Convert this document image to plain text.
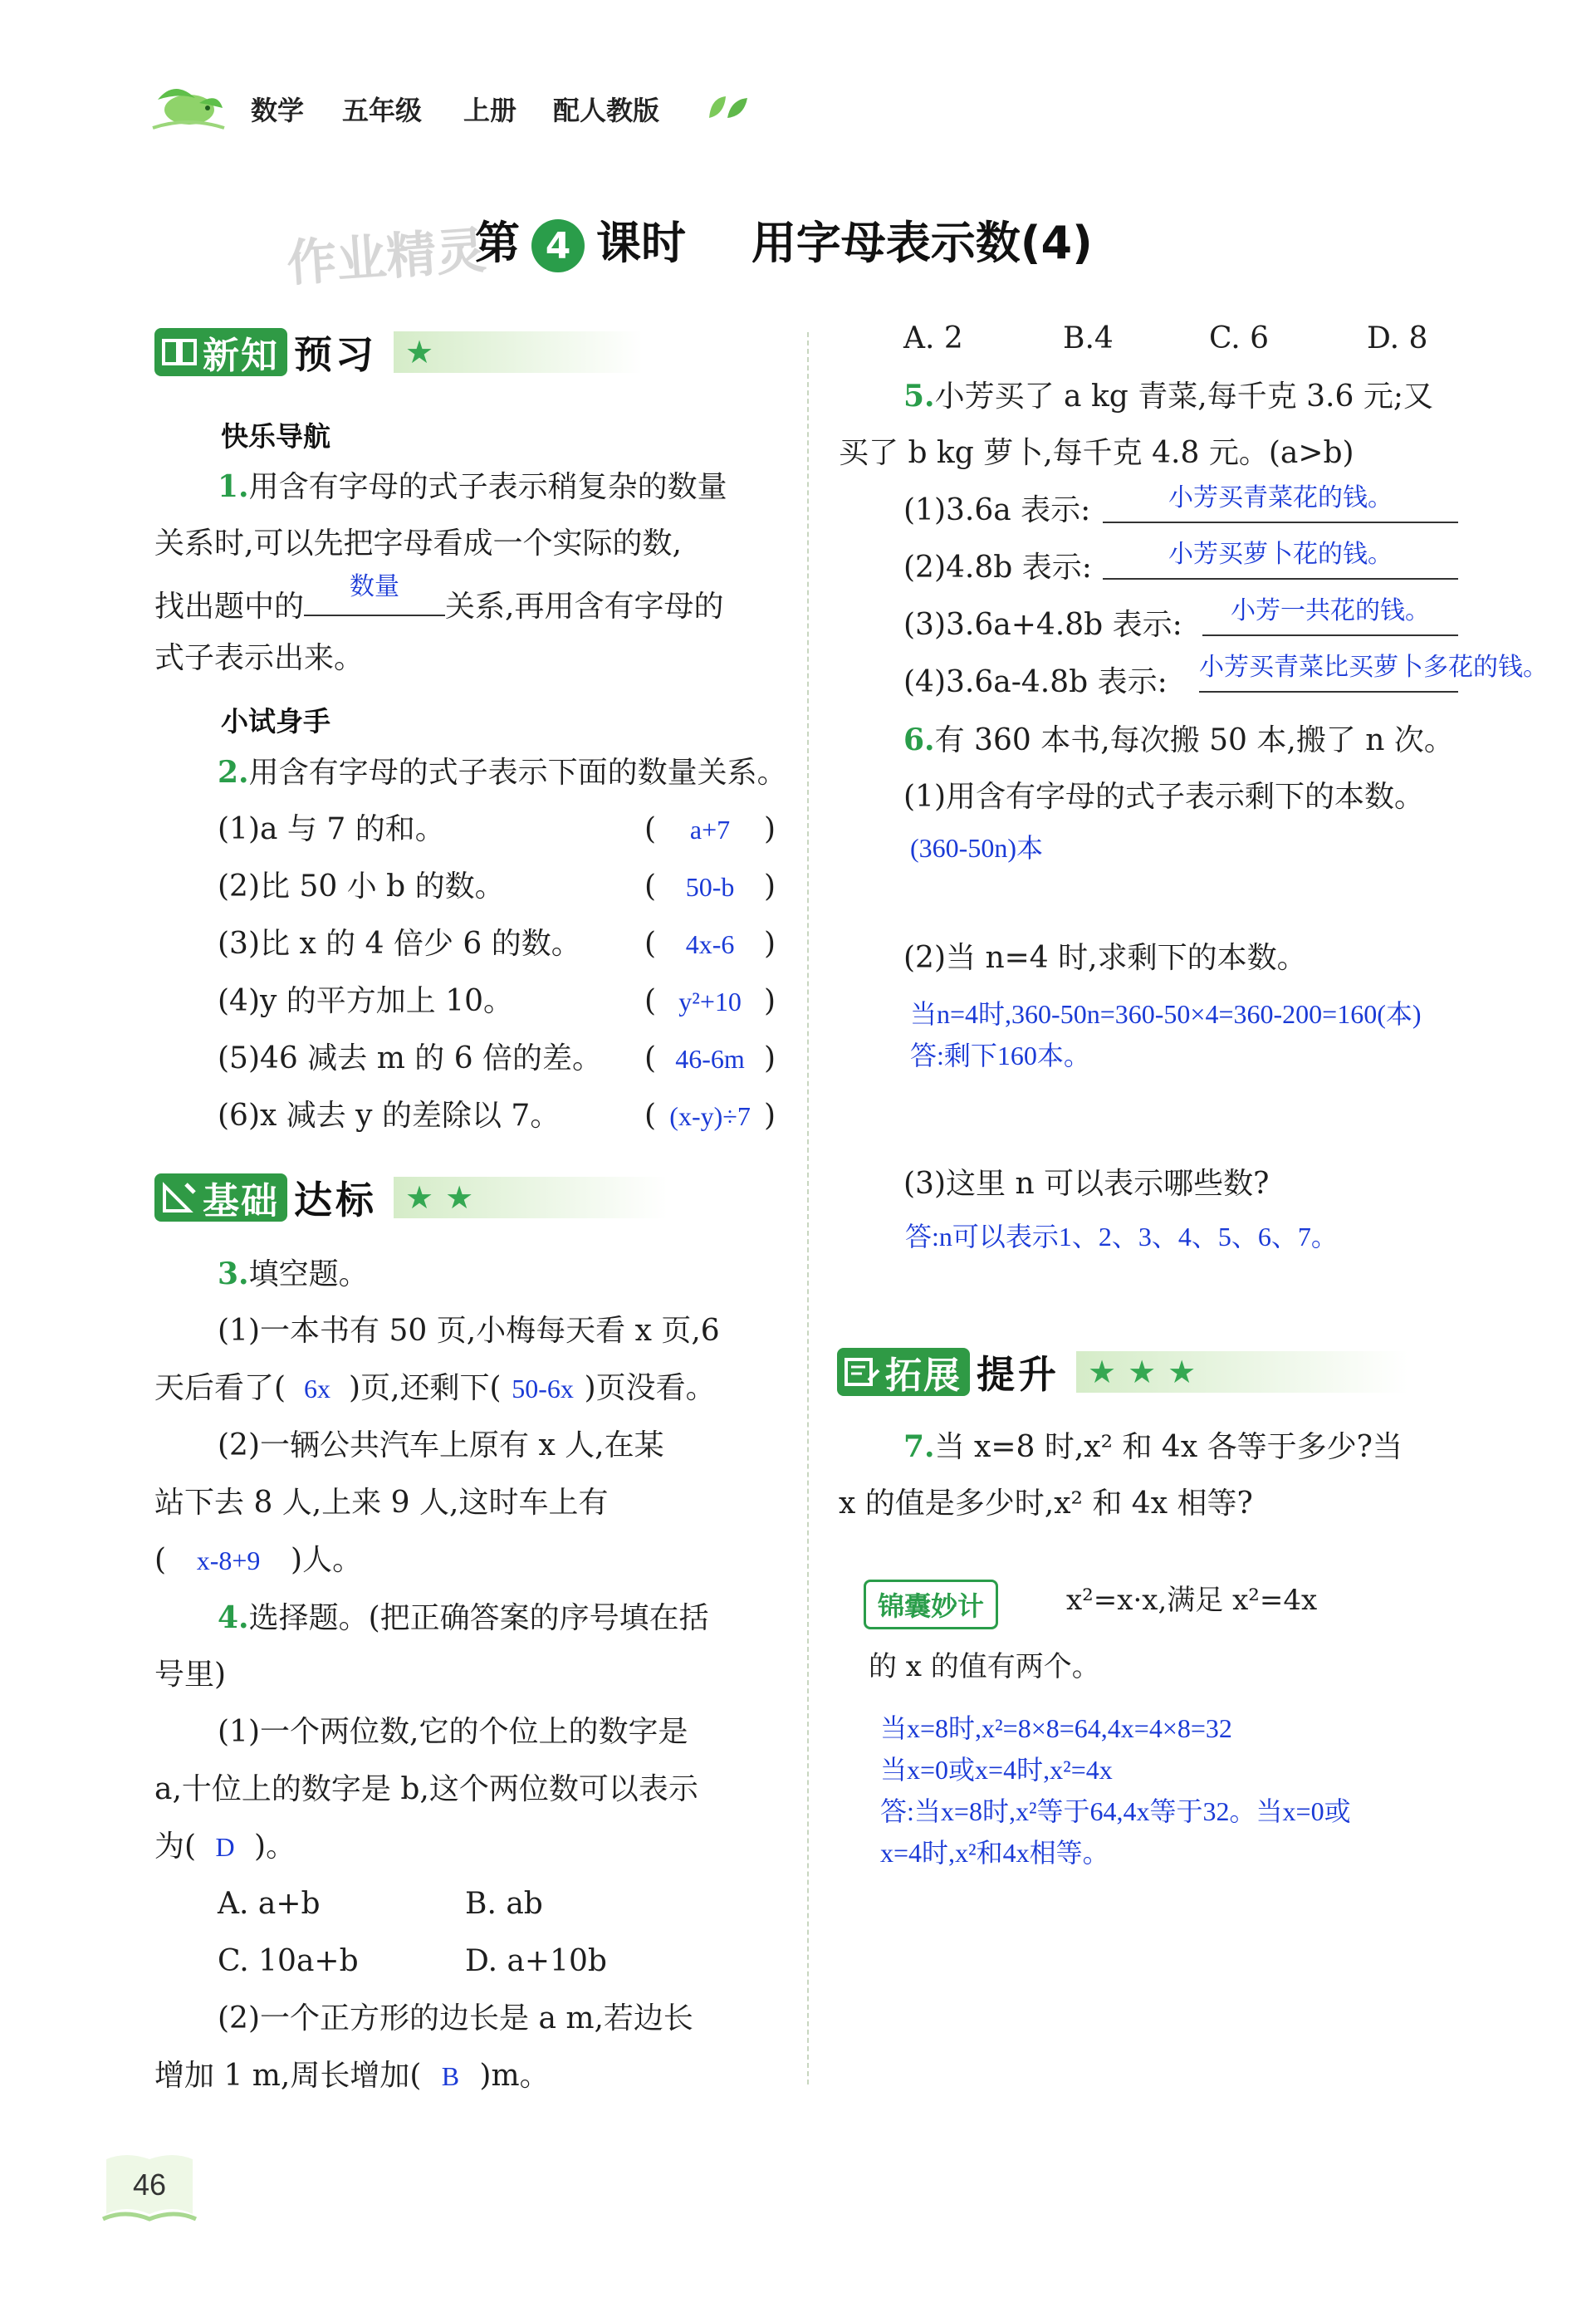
数学 五年级 上册 配人教版
作业精灵
第 4 课时 用字母表示数(4)
新知 预习 ★
快乐导航
1.用含有字母的式子表示稍复杂的数量
关系时,可以先把字母看成一个实际的数,
找出题中的
数量
关系,再用含有字母的
式子表示出来。
小试身手
2.用含有字母的式子表示下面的数量关系。
(1)a 与 7 的和。	( a+7 )
(2)比 50 小 b 的数。	( 50-b )
(3)比 x 的 4 倍少 6 的数。 ( 4x-6 )
(4)y 的平方加上 10。	( y²+10 )
(5)46 减去 m 的 6 倍的差。 ( 46-6m )
(6)x 减去 y 的差除以 7。	( (x-y)÷7 )
基础 达标 ★★
3.填空题。
(1)一本书有 50 页,小梅每天看 x 页,6
天后看了( 6x )页,还剩下( 50-6x )页没看。
(2)一辆公共汽车上原有 x 人,在某
站下去 8 人,上来 9 人,这时车上有
( x-8+9 )人。
4.选择题。(把正确答案的序号填在括
号里)
(1)一个两位数,它的个位上的数字是
a,十位上的数字是 b,这个两位数可以表示
为( D )。
A. a+b	B. ab
C. 10a+b	D. a+10b
(2)一个正方形的边长是 a m,若边长
增加 1 m,周长增加( B )m。
A. 2	B.4	C. 6	D. 8
5.小芳买了 a kg 青菜,每千克 3.6 元;又
买了 b kg 萝卜,每千克 4.8 元。(a>b)
(1)3.6a 表示:	小芳买青菜花的钱。
(2)4.8b 表示:	小芳买萝卜花的钱。
(3)3.6a+4.8b 表示:	小芳一共花的钱。
(4)3.6a-4.8b 表示: 小芳买青菜比买萝卜多花的钱。
6.有 360 本书,每次搬 50 本,搬了 n 次。
(1)用含有字母的式子表示剩下的本数。
(360-50n)本
(2)当 n=4 时,求剩下的本数。
当n=4时,360-50n=360-50×4=360-200=160(本)
答:剩下160本。
(3)这里 n 可以表示哪些数?
答:n可以表示1、2、3、4、5、6、7。
拓展 提升 ★★★
7.当 x=8 时,x² 和 4x 各等于多少?当
x 的值是多少时,x² 和 4x 相等?
锦囊妙计	x²=x·x,满足 x²=4x
的 x 的值有两个。
当x=8时,x²=8×8=64,4x=4×8=32
当x=0或x=4时,x²=4x
答:当x=8时,x²等于64,4x等于32。当x=0或
x=4时,x²和4x相等。
46
